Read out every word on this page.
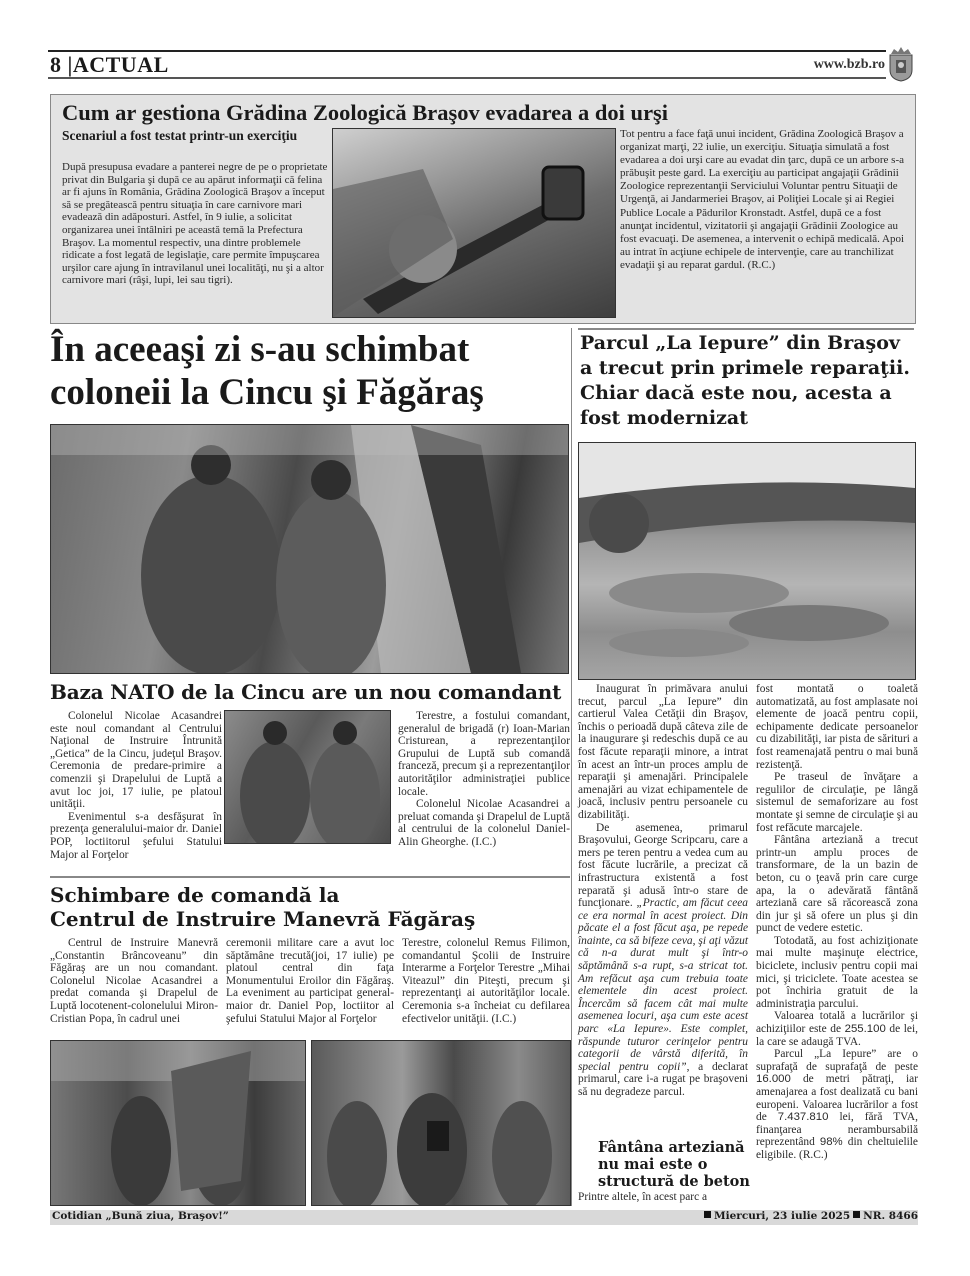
8 |ACTUAL	www.bzb.ro
Cum ar gestiona Grădina Zoologică Braşov evadarea a doi urşi
Scenariul a fost testat printr-un exerciţiu
După presupusa evadare a panterei negre de pe o proprietate privat din Bulgaria şi după ce au apărut informaţii că felina ar fi ajuns în România, Grădina Zoologică Braşov a început să se pregătească pentru situaţia în care carnivore mari evadează din adăposturi. Astfel, în 9 iulie, a solicitat organizarea unei întâlniri pe această temă la Prefectura Braşov. La momentul respectiv, una dintre problemele ridicate a fost legată de legislaţie, care permite împuşcarea urşilor care ajung în intravilanul unei localităţi, nu şi a altor carnivore mari (râşi, lupi, lei sau tigri).
Tot pentru a face faţă unui incident, Grădina Zoologică Braşov a organizat marţi, 22 iulie, un exerciţiu. Situaţia simulată a fost evadarea a doi urşi care au evadat din ţarc, după ce un arbore s-a prăbuşit peste gard. La exerciţiu au participat angajaţii Grădinii Zoologice reprezentanţii Serviciului Voluntar pentru Situaţii de Urgenţă, ai Jandarmeriei Braşov, ai Poliţiei Locale şi ai Regiei Publice Locale a Pădurilor Kronstadt. Astfel, după ce a fost anunţat incidentul, vizitatorii şi angajaţii Grădinii Zoologice au fost evacuaţi. De asemenea, a intervenit o echipă medicală. Apoi au intrat în acţiune echipele de intervenţie, care au tranchilizat evadaţii şi au reparat gardul. (R.C.)
În aceeaşi zi s-au schimbat coloneii la Cincu şi Făgăraş
Baza NATO de la Cincu are un nou comandant

Colonelul Nicolae Acasandrei este noul comandant al Centrului Naţional de Instruire Întrunită „Getica” de la Cincu, judeţul Braşov. Ceremonia de predare-primire a comenzii şi Drapelului de Luptă a avut loc joi, 17 iulie, pe platoul unităţii.

Evenimentul s-a desfăşurat în prezenţa generalului-maior dr. Daniel POP, loctiitorul şefului Statului Major al Forţelor

Terestre, a fostului comandant, generalul de brigadă (r) Ioan-Marian Cristurean, a reprezentanţilor Grupului de Luptă sub comandă franceză, precum şi a reprezentanţilor autorităţilor administraţiei publice locale.

Colonelul Nicolae Acasandrei a preluat comanda şi Drapelul de Luptă al centrului de la colonelul Daniel-Alin Gheorghe. (I.C.)

Schimbare de comandă la
Centrul de Instruire Manevră Făgăraş

Centrul de Instruire Manevră „Constantin Brâncoveanu” din Făgăraş are un nou comandant. Colonelul Nicolae Acasandrei a predat comanda şi Drapelul de Luptă locotenent-colonelului Miron-Cristian Popa, în cadrul unei

ceremonii militare care a avut loc săptămâne trecută(joi, 17 iulie) pe platoul central din faţa Monumentului Eroilor din Făgăraş. La eveniment au participat general-maior dr. Daniel Pop, loctiitor al şefului Statului Major al Forţelor

Terestre, colonelul Remus Filimon, comandantul Şcolii de Instruire Interarme a Forţelor Terestre „Mihai Viteazul” din Piteşti, precum şi reprezentanţi ai autorităţilor locale. Ceremonia s-a încheiat cu defilarea efectivelor unităţii. (I.C.)

Parcul „La Iepure” din Braşov a trecut prin primele reparaţii. Chiar dacă este nou, acesta a fost modernizat

Inaugurat în primăvara anului trecut, parcul „La Iepure” din cartierul Valea Cetăţii din Braşov, închis o perioadă după câteva zile de la inaugurare şi redeschis după ce au fost făcute reparaţii minore, a intrat în acest an într-un proces amplu de reparaţii şi amenajări. Principalele amenajări au vizat echipamentele de joacă, inclusiv pentru persoanele cu dizabilităţi.

De asemenea, primarul Braşovului, George Scripcaru, care a mers pe teren pentru a vedea cum au fost făcute lucrările, a precizat că infrastructura existentă a fost reparată şi adusă într-o stare de funcţionare. „Practic, am făcut ceea ce era normal în acest proiect. Din păcate el a fost făcut aşa, pe repede înainte, ca să bifeze ceva, şi aţi văzut că n-a durat mult şi într-o săptămână s-a rupt, s-a stricat tot. Am refăcut aşa cum trebuia toate elementele din acest proiect. Încercăm să facem cât mai multe asemenea locuri, aşa cum este acest parc «La Iepure». Este complet, răspunde tuturor cerinţelor pentru categorii de vârstă diferită, în special pentru copii”, a declarat primarul, care i-a rugat pe braşoveni să nu degradeze parcul.

Fântâna arteziană nu mai este o structură de beton

Printre altele, în acest parc a

fost montată o toaletă automatizată, au fost amplasate noi elemente de joacă pentru copii, echipamente dedicate persoanelor cu dizabilităţi, iar pista de sărituri a fost reamenajată pentru o mai bună rezistenţă.

Pe traseul de învăţare a regulilor de circulaţie, pe lângă sistemul de semaforizare au fost montate şi semne de circulaţie şi au fost refăcute marcajele.

Fântâna arteziană a trecut printr-un amplu proces de transformare, de la un bazin de beton, cu o ţeavă prin care curge apa, la o adevărată fântână arteziană care să răcorească zona din jur şi să ofere un plus şi din punct de vedere estetic.

Totodată, au fost achiziţionate mai multe maşinuţe electrice, biciclete, inclusiv pentru copii mai mici, şi triciclete. Toate acestea se pot închiria gratuit de la administraţia parcului.

Valoarea totală a lucrărilor şi achiziţiilor este de 255.100 de lei, la care se adaugă TVA.

Parcul „La Iepure” are o suprafaţă de suprafaţă de peste 16.000 de metri pătraţi, iar amenajarea a fost dealizată cu bani europeni. Valoarea lucrărilor a fost de 7.437.810 lei, fără TVA, finanţarea nerambursabilă reprezentând 98% din cheltuielile eligibile. (R.C.)

Cotidian „Bună ziua, Braşov!”	Miercuri, 23 iulie 2025 NR. 8466
